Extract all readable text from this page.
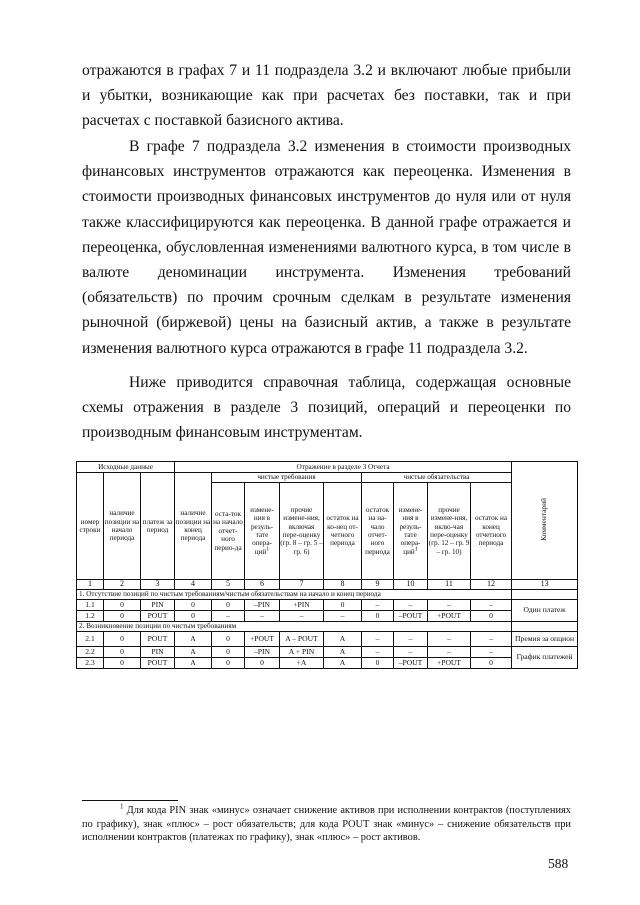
отражаются в графах 7 и 11 подраздела 3.2 и включают любые прибыли и убытки, возникающие как при расчетах без поставки, так и при расчетах с поставкой базисного актива.

В графе 7 подраздела 3.2 изменения в стоимости производных финансовых инструментов отражаются как переоценка. Изменения в стоимости производных финансовых инструментов до нуля или от нуля также классифицируются как переоценка. В данной графе отражается и переоценка, обусловленная изменениями валютного курса, в том числе в валюте деноминации инструмента. Изменения требований (обязательств) по прочим срочным сделкам в результате изменения рыночной (биржевой) цены на базисный актив, а также в результате изменения валютного курса отражаются в графе 11 подраздела 3.2.

Ниже приводится справочная таблица, содержащая основные схемы отражения в разделе 3 позиций, операций и переоценки по производным финансовым инструментам.

Исходные данные			Отражение в разделе 3 Отчета									Комментарий
номер строки	наличие позиции на начало периода	платеж за период	наличие позиции на конец периода	чистые требования				чистые обязательства				
				оста-ток на начало отчет-ного перио-да	измене-ния в резуль-тате опера-ций$^1$	прочие измене-ния, включая пере-оценку (гр. 8 – гр. 5 – гр. 6)	остаток на ко-нец от-четного периода	остаток на на-чало отчет-ного периода	измене-ния в резуль-тате опера-ций$^1$	прочие измене-ния, вклю-чая пере-оценку (гр. 12 – гр. 9 – гр. 10)	остаток на конец отчетного периода	
1	2	3	4	5	6	7	8	9	10	11	12	13
1. Отсутствие позиций по чистым требованиям/чистым обязательствам на начало и конец периода												
1.1	0	PIN	0	0	–PIN	+PIN	0	–	–	–	–	Один платеж
1.2	0	POUT	0	–	–	–	–	0	–POUT	+POUT	0	
2. Возникновение позиции по чистым требованиям												
2.1	0	POUT	A	0	+POUT	A – POUT	A	–	–	–	–	Премия за опцион
2.2	0	PIN	A	0	–PIN	A + PIN	A	–	–	–	–	График платежей
2.3	0	POUT	A	0	0	+A	A	0	–POUT	+POUT	0	

$^1$ Для кода PIN знак «минус» означает снижение активов при исполнении контрактов (поступлениях по графику), знак «плюс» – рост обязательств; для кода POUT знак «минус» – снижение обязательств при исполнении контрактов (платежах по графику), знак «плюс» – рост активов.

588
